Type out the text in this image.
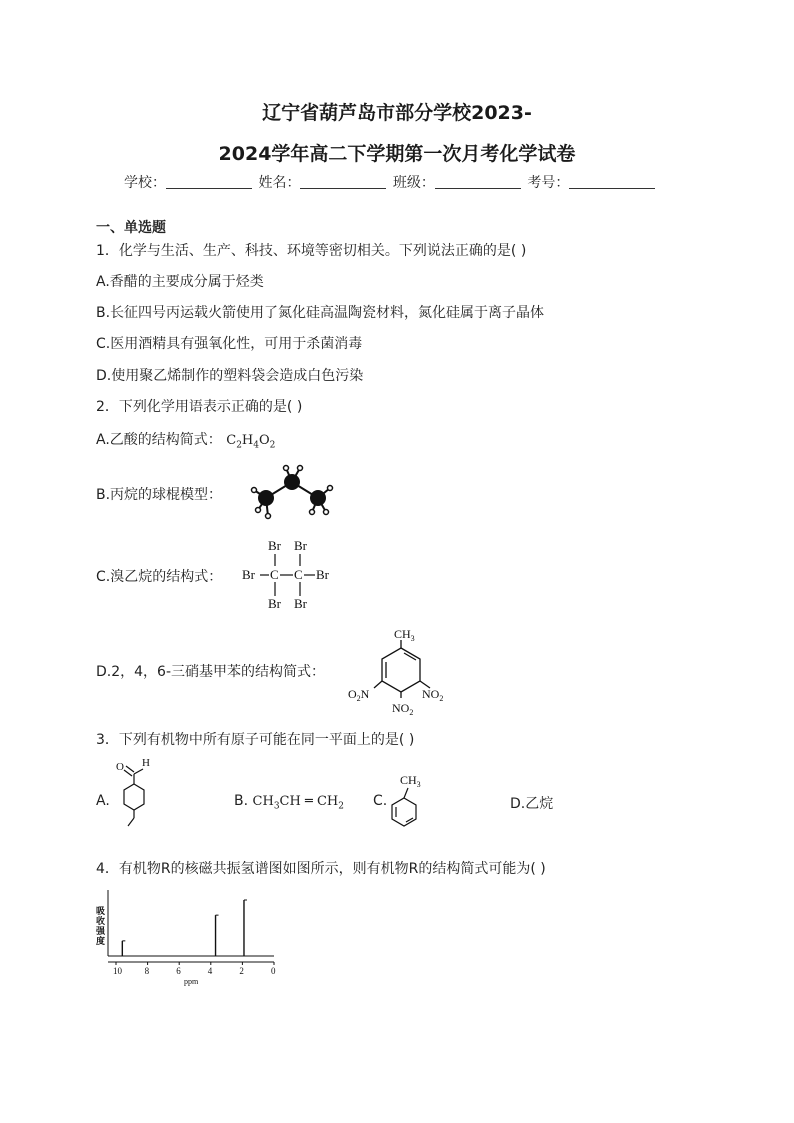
辽宁省葫芦岛市部分学校2023-
2024学年高二下学期第一次月考化学试卷
学校：	姓名：	班级：	考号：
一、单选题
1．化学与生活、生产、科技、环境等密切相关。下列说法正确的是( )
A.香醋的主要成分属于烃类
B.长征四号丙运载火箭使用了氮化硅高温陶瓷材料，氮化硅属于离子晶体
C.医用酒精具有强氧化性，可用于杀菌消毒
D.使用聚乙烯制作的塑料袋会造成白色污染
2．下列化学用语表示正确的是( )
A.乙酸的结构简式： $C_2H_4O_2$
B.丙烷的球棍模型：
C.溴乙烷的结构式：
Br Br
Br C C Br
Br Br
D.2，4，6-三硝基甲苯的结构简式：
$CH_3$
$NO_2$
$O_2N$
$NO_2$
3．下列有机物中所有原子可能在同一平面上的是( )
A.
O H
B. $CH_3CH$ ═ $CH_2$ C.
$CH_3$
D.乙烷
4．有机物R的核磁共振氢谱图如图所示，则有机物R的结构简式可能为( )
吸
收
强
度
10	8	6	4	2	0
ppm
